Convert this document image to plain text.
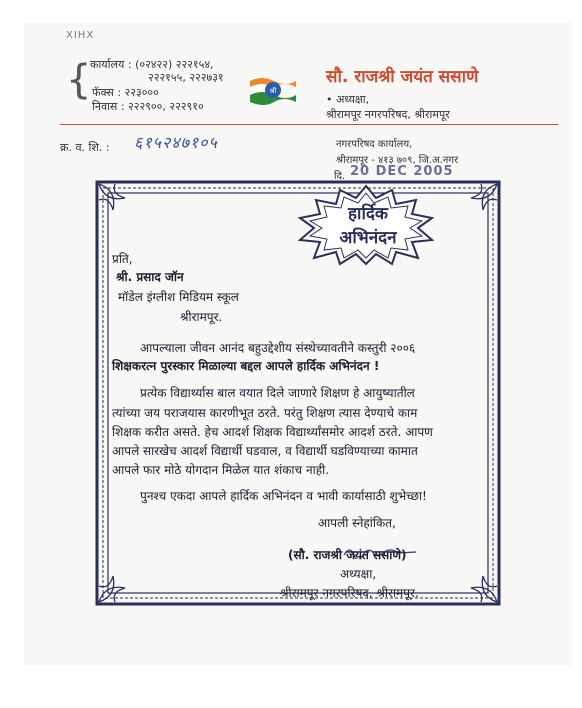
XIHX
{
कार्यालय : (०२४२२) २२२१५४,
२२२१५५, २२२७३१
फॅक्स : २२३०००
निवास : २२२९००, २२२९१०
श्री
सौ. राजश्री जयंत ससाणे
• अध्यक्षा,
श्रीरामपूर नगरपरिषद, श्रीरामपूर
क्र. व. शि. : ६१५२४७१०५	नगरपरिषद कार्यालय,
श्रीरामपूर - ४१३ ७०९, जि.अ.नगर
दि. 20 DEC 2005
हार्दिक
अभिनंदन
प्रति,
श्री. प्रसाद जॉन
मॉडेल इंग्लीश मिडियम स्कूल
श्रीरामपूर.
आपल्याला जीवन आनंद बहुउद्देशीय संस्थेच्यावतीने कस्तुरी २००६
शिक्षकरत्न पुरस्कार मिळाल्या बद्दल आपले हार्दिक अभिनंदन !
प्रत्येक विद्यार्थ्यास बाल वयात दिले जाणारे शिक्षण हे आयुष्यातील
त्यांच्या जय पराजयास कारणीभूत ठरते. परंतु शिक्षण त्यास देण्याचे काम
शिक्षक करीत असते. हेच आदर्श शिक्षक विद्यार्थ्यांसमोर आदर्श ठरते. आपण
आपले सारखेच आदर्श विद्यार्थी घडवाल, व विद्यार्थी घडविण्याच्या कामात
आपले फार मोठे योगदान मिळेल यात शंकाच नाही.
पुनश्च एकदा आपले हार्दिक अभिनंदन व भावी कार्यासाठी शुभेच्छा!
आपली स्नेहांकित,
(सौ. राजश्री जयंत ससाणे)
अध्यक्षा,
श्रीरामपूर नगरपरिषद, श्रीरामपूर.
